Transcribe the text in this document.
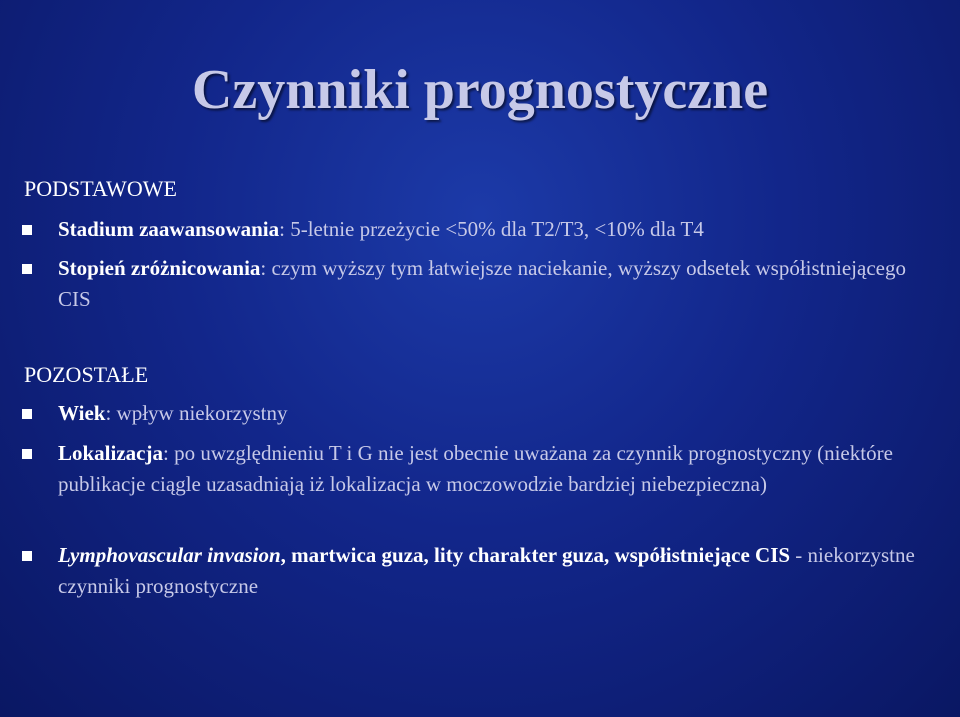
Czynniki prognostyczne
PODSTAWOWE
Stadium zaawansowania: 5-letnie przeżycie <50% dla T2/T3, <10% dla T4
Stopień zróżnicowania: czym wyższy tym łatwiejsze naciekanie, wyższy odsetek współistniejącego CIS
POZOSTAŁE
Wiek: wpływ niekorzystny
Lokalizacja: po uwzględnieniu T i G nie jest obecnie uważana za czynnik prognostyczny (niektóre publikacje ciągle uzasadniają iż lokalizacja w moczowodzie bardziej niebezpieczna)
Lymphovascular invasion, martwica guza, lity charakter guza, współistniejące CIS - niekorzystne czynniki prognostyczne
